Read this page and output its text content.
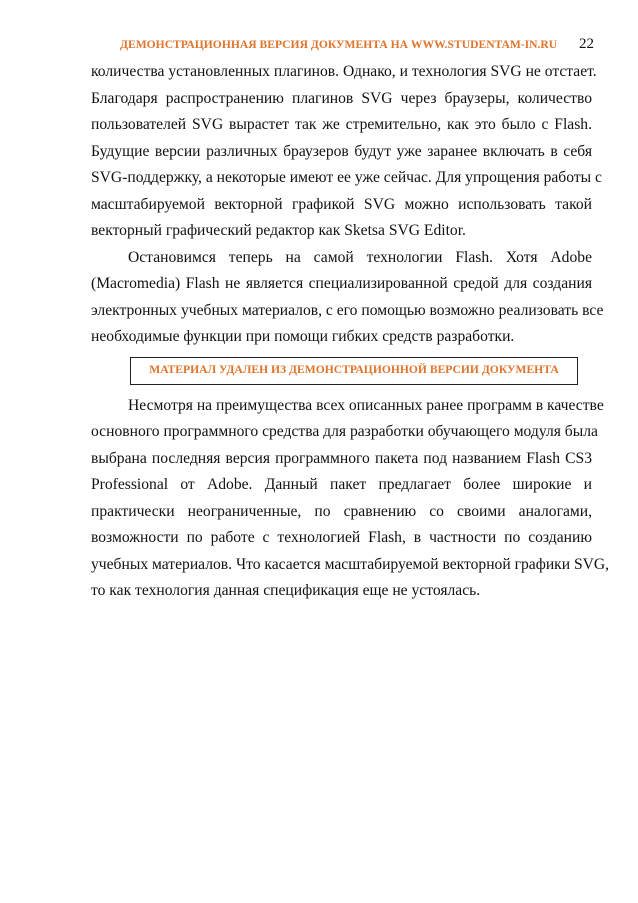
ДЕМОНСТРАЦИОННАЯ ВЕРСИЯ ДОКУМЕНТА НА WWW.STUDENTAM-IN.RU 22
количества установленных плагинов. Однако, и технология SVG не отстает.
Благодаря распространению плагинов SVG через браузеры, количество
пользователей SVG вырастет так же стремительно, как это было с Flash.
Будущие версии различных браузеров будут уже заранее включать в себя
SVG-поддержку, а некоторые имеют ее уже сейчас. Для упрощения работы с
масштабируемой векторной графикой SVG можно использовать такой
векторный графический редактор как Sketsa SVG Editor.
Остановимся теперь на самой технологии Flash. Хотя Adobe
(Macromedia) Flash не является специализированной средой для создания
электронных учебных материалов, с его помощью возможно реализовать все
необходимые функции при помощи гибких средств разработки.
МАТЕРИАЛ УДАЛЕН ИЗ ДЕМОНСТРАЦИОННОЙ ВЕРСИИ ДОКУМЕНТА
Несмотря на преимущества всех описанных ранее программ в качестве
основного программного средства для разработки обучающего модуля была
выбрана последняя версия программного пакета под названием Flash CS3
Professional от Adobe. Данный пакет предлагает более широкие и
практически неограниченные, по сравнению со своими аналогами,
возможности по работе с технологией Flash, в частности по созданию
учебных материалов. Что касается масштабируемой векторной графики SVG,
то как технология данная спецификация еще не устоялась.
